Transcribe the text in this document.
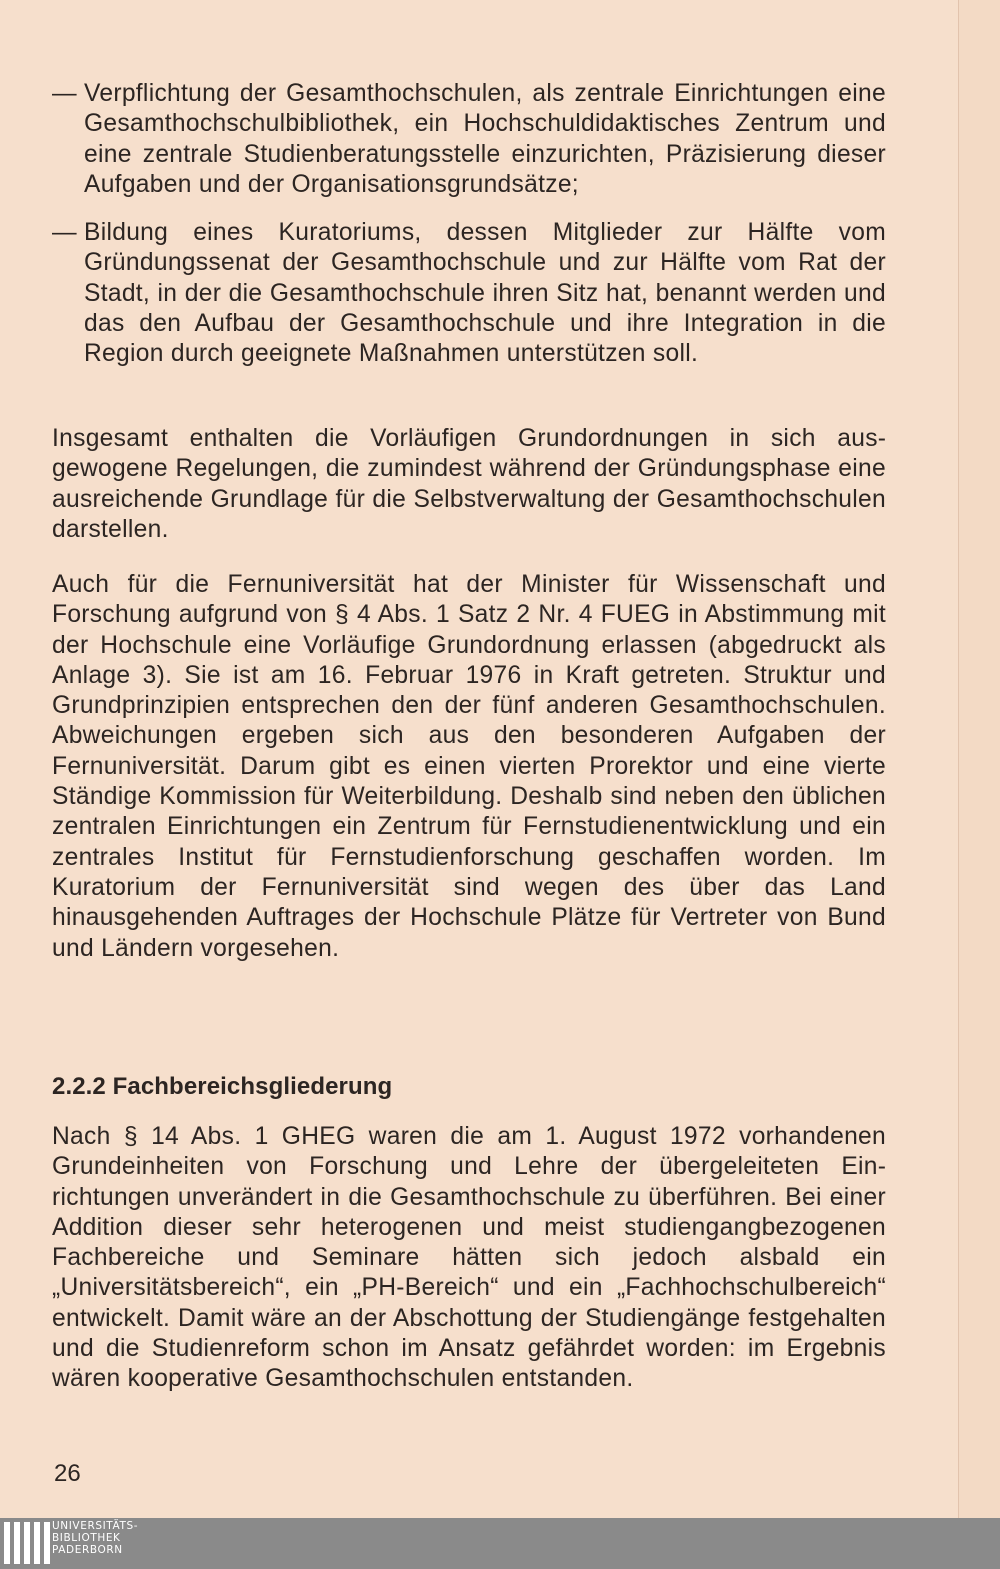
— Verpflichtung der Gesamthochschulen, als zentrale Einrichtungen eine Gesamthochschulbibliothek, ein Hochschuldidaktisches Zentrum und eine zentrale Studienberatungsstelle einzurichten, Präzisierung dieser Aufgaben und der Organisationsgrundsätze;
— Bildung eines Kuratoriums, dessen Mitglieder zur Hälfte vom Gründungssenat der Gesamthochschule und zur Hälfte vom Rat der Stadt, in der die Gesamthochschule ihren Sitz hat, benannt werden und das den Aufbau der Gesamthochschule und ihre Integration in die Region durch geeignete Maßnahmen unterstützen soll.
Insgesamt enthalten die Vorläufigen Grundordnungen in sich ausgewogene Regelungen, die zumindest während der Gründungsphase eine ausreichende Grundlage für die Selbstverwaltung der Gesamthochschulen darstellen.
Auch für die Fernuniversität hat der Minister für Wissenschaft und Forschung aufgrund von § 4 Abs. 1 Satz 2 Nr. 4 FUEG in Abstimmung mit der Hochschule eine Vorläufige Grundordnung erlassen (abgedruckt als Anlage 3). Sie ist am 16. Februar 1976 in Kraft getreten. Struktur und Grundprinzipien entsprechen den der fünf anderen Gesamthochschulen. Abweichungen ergeben sich aus den besonderen Aufgaben der Fernuniversität. Darum gibt es einen vierten Prorektor und eine vierte Ständige Kommission für Weiterbildung. Deshalb sind neben den üblichen zentralen Einrichtungen ein Zentrum für Fernstudienentwicklung und ein zentrales Institut für Fernstudienforschung geschaffen worden. Im Kuratorium der Fernuniversität sind wegen des über das Land hinausgehenden Auftrages der Hochschule Plätze für Vertreter von Bund und Ländern vorgesehen.
2.2.2 Fachbereichsgliederung
Nach § 14 Abs. 1 GHEG waren die am 1. August 1972 vorhandenen Grundeinheiten von Forschung und Lehre der übergeleiteten Einrichtungen unverändert in die Gesamthochschule zu überführen. Bei einer Addition dieser sehr heterogenen und meist studiengangbezogenen Fachbereiche und Seminare hätten sich jedoch alsbald ein „Universitätsbereich“, ein „PH-Bereich“ und ein „Fachhochschulbereich“ entwickelt. Damit wäre an der Abschottung der Studiengänge festgehalten und die Studienreform schon im Ansatz gefährdet worden: im Ergebnis wären kooperative Gesamthochschulen entstanden.
26
UNIVERSITÄTS-
BIBLIOTHEK
PADERBORN
